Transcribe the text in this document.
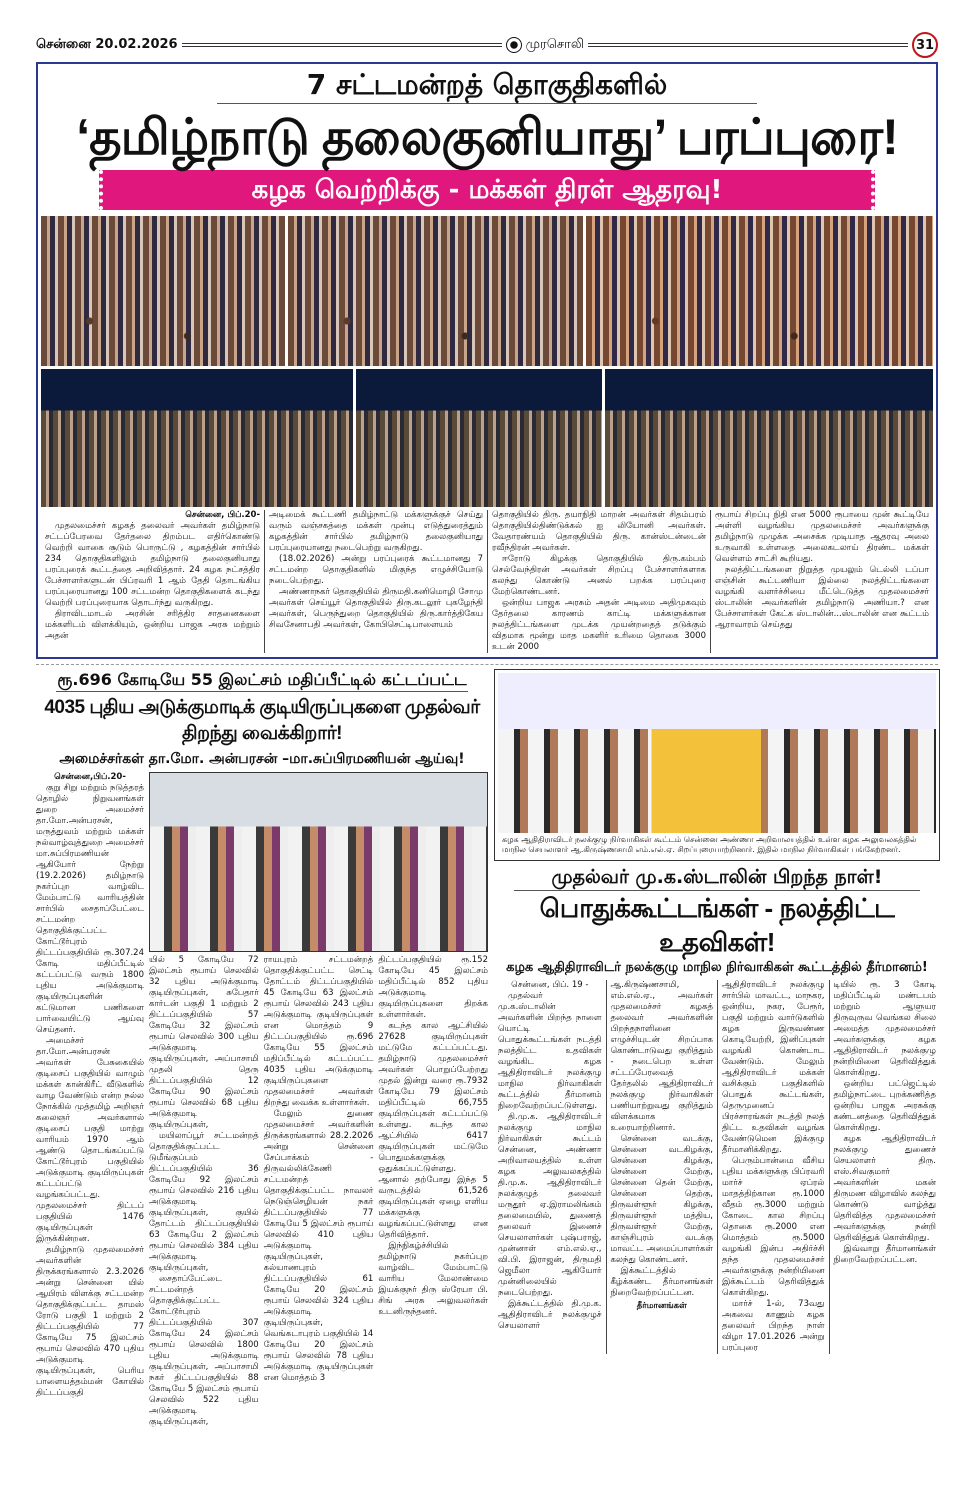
சென்னை 20.02.2026	முரசொலி	31
7 சட்டமன்றத் தொகுதிகளில்
‘தமிழ்நாடு தலைகுனியாது’ பரப்புரை!
கழக வெற்றிக்கு - மக்கள் திரள் ஆதரவு!
சென்னை, பிப்.20-

முதலமைச்சர் கழகத் தலைவர் அவர்கள் தமிழ்நாடு சட்டப்பேரவை தேர்தலை திறம்பட எதிர்கொண்டு வெற்றி வாகை சூடும் பொருட்டு , கழகத்தின் சார்பில் 234 தொகுதிகளிலும் தமிழ்நாடு தலைகுனியாது பரப்புரைக் கூட்டத்தை அறிவித்தார். 24 கழக நட்சத்திர பேச்சாளர்களுடன் பிப்ரவரி 1 ஆம் தேதி தொடங்கிய பரப்புரையானது 100 சட்டமன்ற தொகுதிகளைக் கடந்து வெற்றி பரப்புரையாக தொடர்ந்து வருகிறது.

திராவிடமாடல் அரசின் சரித்திர சாதனைகளை மக்களிடம் விளக்கியும், ஒன்றிய பாஜக அரசு மற்றும் அதன்

அடிமைக் கூட்டணி தமிழ்நாட்டு மக்களுக்குச் செய்து வரும் வஞ்சகத்தை மக்கள் முன்பு எடுத்துரைத்தும் கழகத்தின் சார்பில் தமிழ்நாடு தலைகுனியாது பரப்புரையானது நடைபெற்று வருகிறது.

(18.02.2026) அன்று பரப்புரைக் கூட்டமானது 7 சட்டமன்ற தொகுதிகளில் மிகுந்த எழுச்சியோடு நடைபெற்றது.

அண்ணாநகர் தொகுதியில் திருமதி.கனிமொழி சோமு அவர்கள் செய்யூர் தொகுதியில் திரு.கடலூர் புகழேந்தி அவர்கள், பெருந்துறை தொகுதியில் திரு.கார்த்திகேய சிவசேனாபதி அவர்கள், கோபிசெட்டிபாளையம்

தொகுதியில் திரு. தயாநிதி மாறன் அவர்கள் சிதம்பரம் தொகுதியில்திண்டுக்கல் ஐ லியோனி அவர்கள். வேதாரண்யம் தொகுதியில் திரு. கான்ஸ்டன்டைன் ரவீந்திரன் அவர்கள்.

ஈரோடு கிழக்கு தொகுதியில் திரு.கம்பம் செல்வேந்திரன் அவர்கள் சிறப்பு பேச்சாளர்களாக கலந்து கொண்டு அனல் பறக்க பரப்புரை மேற்கொண்டனர்.

ஒன்றிய பாஜக அரசும் அதன் அடிமை அதிமுகவும் தேர்தலை காரணம் காட்டி மக்களுக்கான நலத்திட்டங்களை முடக்க முயன்றதைத் தடுக்கும் விதமாக மூன்று மாத மகளிர் உரிமை தொகை 3000 உடன் 2000

ரூபாய் சிறப்பு நிதி என 5000 ரூபாயை முன் கூட்டியே அள்ளி வழங்கிய முதலமைச்சர் அவர்களுக்கு தமிழ்நாடு முழுக்க அசைக்க முடியாத ஆதரவு அலை உருவாகி உள்ளதை அலைகடலாய் திரண்ட மக்கள் வெள்ளம் சாட்சி கூறியது.

நலத்திட்டங்களை நிறுத்த முயலும் டெல்லி டப்பா எஞ்சின் கூட்டணியா இல்லை நலத்திட்டங்களை வழங்கி வளர்ச்சியை மீட்டெடுத்த முதலமைச்சர் ஸ்டாலின் அவர்களின் தமிழ்நாடு அணியா.? என பேச்சாளர்கள் கேட்க ஸ்டாலின்...ஸ்டாலின் என கூட்டம் ஆராவாரம் செய்தது

ரூ.696 கோடியே 55 இலட்சம் மதிப்பீட்டில் கட்டப்பட்ட
4035 புதிய அடுக்குமாடிக் குடியிருப்புகளை முதல்வர் திறந்து வைக்கிறார்!
அமைச்சர்கள் தா.மோ. அன்பரசன் –மா.சுப்பிரமணியன் ஆய்வு!
சென்னை,பிப்.20-

குறு சிறு மற்றும் நடுத்தரத் தொழில் நிறுவனங்கள் துறை அமைச்சர் தா.மோ.அன்பரசன், மருத்துவம் மற்றும் மக்கள் நல்வாழ்வுத்துறை அமைச்சர் மா.சுப்பிரமணியன் ஆகியோர் நேற்று (19.2.2026) தமிழ்நாடு நகர்ப்புற வாழ்விட மேம்பாட்டு வாரியத்தின் சார்பில் சைதாப்பேட்டை சட்டமன்ற தொகுதிக்குட்பட்ட கோட்டூர்புரம் திட்டப்பகுதியில் ரூ.307.24 கோடி மதிப்பீட்டில் கட்டப்பட்டு வரும் 1800 புதிய அடுக்குமாடி குடியிருப்புகளின் கட்டுமான பணிகளை பார்வையிட்டு ஆய்வு செய்தனர்.

அமைச்சர் தா.மோ.அன்பரசன் அவர்கள் பேசுகையில் குடிசைப் பகுதியில் வாழும் மக்கள் கான்கிரீட் வீடுகளில் வாழ வேண்டும் என்ற நல்ல நோக்கில் முத்தமிழ் அறிஞர் கலைஞர் அவர்களால் குடிசைப் பகுதி மாற்று வாரியம் 1970 ஆம் ஆண்டு தொடங்கப்பட்டு கோட்டூர்புரம் பகுதியில் அடுக்குமாடி குடியிருப்புகள் கட்டப்பட்டு வழங்கப்பட்டது. முதலமைச்சர் திட்டப் பகுதியில் 1476 குடியிருப்புகள் இருக்கின்றன.

தமிழ்நாடு முதலமைச்சர் அவர்களின் திருக்கரங்களால் 2.3.2026 அன்று சென்னை யில் ஆயிரம் விளக்கு சட்டமன்ற தொகுதிக்குட்பட்ட தாமஸ் ரோடு பகுதி 1 மற்றும் 2 திட்டப்பகுதியில் 77 கோடியே 75 இலட்சம் ரூபாய் செலவில் 470 புதிய அடுக்குமாடி குடியிருப்புகள், பெரிய பாளையத்தம்மன் கோயில் திட்டப்பகுதி

யில் 5 கோடியே 72 இலட்சம் ரூபாய் செலவில் 32 புதிய அடுக்குமாடி குடியிருப்புகள், சுபேதார் கார்டன் பகுதி 1 மற்றும் 2 திட்டப்பகுதியில் 57 கோடியே 32 இலட்சம் ரூபாய் செலவில் 300 புதிய அடுக்குமாடி குடியிருப்புகள், அப்பாசாமி முதலி தெரு திட்டப்பகுதியில் 12 கோடியே 90 இலட்சம் ரூபாய் செலவில் 68 புதிய அடுக்குமாடி குடியிருப்புகள்,

மயிலாப்பூர் சட்டமன்றத் தொகுதிக்குட்பட்ட டுமீங்குப்பம் திட்டப்பகுதியில் 36 கோடியே 92 இலட்சம் ரூபாய் செலவில் 216 புதிய அடுக்குமாடி குடியிருப்புகள், குயில் தோட்டம் திட்டப்பகுதியில் 63 கோடியே 2 இலட்சம் ரூபாய் செலவில் 384 புதிய அடுக்குமாடி குடியிருப்புகள்,

சைதாப்பேட்டை சட்டமன்றத் தொகுதிக்குட்பட்ட கோட்டூர்புரம் திட்டப்பகுதியில் 307 கோடியே 24 இலட்சம் ரூபாய் செலவில் 1800 புதிய அடுக்குமாடி குடியிருப்புகள், அப்பாசாமி நகர் திட்டப்பகுதியில் 88 கோடியே 5 இலட்சம் ரூபாய் செலவில் 522 புதிய அடுக்குமாடி குடியிருப்புகள்,

ராயபுரம் சட்டமன்றத் தொகுதிக்குட்பட்ட செட்டி தோட்டம் திட்டப்பகுதியில் 45 கோடியே 63 இலட்சம் ரூபாய் செலவில் 243 புதிய அடுக்குமாடி குடியிருப்புகள் என மொத்தம் 9 திட்டப்பகுதியில் ரூ.696 கோடியே 55 இலட்சம் மதிப்பீட்டில் கட்டப்பட்ட 4035 புதிய அடுக்குமாடி குடியிருப்புகளை முதலமைச்சர் அவர்கள் திறந்து வைக்க உள்ளார்கள்.

மேலும் துணை முதலமைச்சர் அவர்களின் திருக்கரங்களால் 28.2.2026 அன்று சென்னை சேப்பாக்கம் - திருவல்லிக்கேணி சட்டமன்றத் தொகுதிக்குட்பட்ட நாவலர் நெடுஞ்செழியன் நகர் திட்டப்பகுதியில் 77 கோடியே 5 இலட்சம் ரூபாய் செலவில் 410 புதிய அடுக்குமாடி குடியிருப்புகள், கல்யாணபுரம் திட்டப்பகுதியில் 61 கோடியே 20 இலட்சம் ரூபாய் செலவில் 324 புதிய அடுக்குமாடி குடியிருப்புகள், வெங்கடாபுரம் பகுதியில் 14 கோடியே 20 இலட்சம் ரூபாய் செலவில் 78 புதிய அடுக்குமாடி குடியிருப்புகள் என மொத்தம் 3

திட்டப்பகுதியில் ரூ.152 கோடியே 45 இலட்சம் மதிப்பீட்டில் 852 புதிய அடுக்குமாடி குடியிருப்புகளை திறக்க உள்ளார்கள்.

கடந்த கால ஆட்சியில் 27628 குடியிருப்புகள் மட்டுமே கட்டப்பட்டது. தமிழ்நாடு முதலமைச்சர் அவர்கள் பொறுப்பேற்றது முதல் இன்று வரை ரூ.7932 கோடியே 79 இலட்சம் மதிப்பீட்டில் 66,755 குடியிருப்புகள் கட்டப்பட்டு உள்ளது. கடந்த கால ஆட்சியில் 6417 குடியிருப்புகள் மட்டுமே பொதுமக்களுக்கு ஒதுக்கப்பட்டுள்ளது. ஆனால் தற்போது இந்த 5 வருடத்தில் 61,526 குடியிருப்புகள் ஏழை எளிய மக்களுக்கு வழங்கப்பட்டுள்ளது என தெரிவித்தார்.

இந்நிகழ்ச்சியில் தமிழ்நாடு நகர்ப்புற வாழ்விட மேம்பாட்டு வாரிய மேலாண்மை இயக்குநர் திரு ஸ்ரேயா பி. சிங் அரசு அலுவலர்கள் உடனிருந்தனர்.

கழக ஆதிதிராவிடர் நலக்குழு நிர்வாகிகள் கூட்டம் சென்னை அண்ணா அறிவாலயத்தில் உள்ள கழக அலுவலகத்தில் மாநில செயலாளர் ஆ.கிருஷ்ணசாமி எம்.எல்.ஏ. சிறப்புரையாற்றினார். இதில் மாநில நிர்வாகிகள் பங்கேற்றனர்.
முதல்வர் மு.க.ஸ்டாலின் பிறந்த நாள்!
பொதுக்கூட்டங்கள் - நலத்திட்ட உதவிகள்!
கழக ஆதிதிராவிடர் நலக்குழு மாநில நிர்வாகிகள் கூட்டத்தில் தீர்மானம்!
சென்னை, பிப். 19 -

முதல்வர் மு.க.ஸ்டாலின் அவர்களின் பிறந்த நாளை யொட்டி பொதுக்கூட்டங்கள் நடத்தி நலத்திட்ட உதவிகள் வழங்கிட கழக ஆதிதிராவிடர் நலக்குழு மாநில நிர்வாகிகள் கூட்டத்தில் தீர்மானம் நிறைவேற்றப்பட்டுள்ளது.

தி.மு.க. ஆதிதிராவிடர் நலக்குழு மாநில நிர்வாகிகள் கூட்டம் சென்னை, அண்ணா அறிவாலயத்தில் உள்ள கழக அலுவலகத்தில் தி.மு.க. ஆதிதிராவிடர் நலக்குழுத் தலைவர் மருதூர் ஏ.இராமலிங்கம் தலைமையில், துணைத் தலைவர் இணைச் செயலாளர்கள் புஷ்பராஜ், முன்னாள் எம்.எல்.ஏ., வி.பி. இராஜன், திருமதி ஜெமீலா ஆகியோர் முன்னிலையில் நடைபெற்றது.

இக்கூட்டத்தில் தி.மு.க. ஆதிதிராவிடர் நலக்குழுச் செயலாளர்

ஆ.கிருஷ்ணசாமி, எம்.எல்.ஏ., அவர்கள் முதலமைச்சர் கழகத் தலைவர் அவர்களின் பிறந்தநாளினை எழுச்சியுடன் சிறப்பாக கொண்டாடுவது குறித்தும் - நடைபெற உள்ள சட்டப்பேரவைத் தேர்தலில் ஆதிதிராவிடர் நலக்குழு நிர்வாகிகள் பணியாற்றுவது குறித்தும் விளக்கமாக உரையாற்றினார்.

சென்னை வடக்கு, சென்னை வடகிழக்கு, சென்னை கிழக்கு, சென்னை மேற்கு, சென்னை தென் மேற்கு, சென்னை தெற்கு, திருவள்ளூர் கிழக்கு, திருவள்ளூர் மத்திய, திருவள்ளூர் மேற்கு, காஞ்சிபுரம் வடக்கு மாவட்ட அமைப்பாளர்கள் கலந்து கொண்டனர்.

இக்கூட்டத்தில் கீழ்க்கண்ட தீர்மானங்கள் நிறைவேற்றப்பட்டன.

தீர்மானங்கள்

ஆதிதிராவிடர் நலக்குழு சார்பில் மாவட்ட, மாநகர, ஒன்றிய, நகர, பேரூர், பகுதி மற்றும் வார்டுகளில் கழக இருவண்ண கொடியேற்றி, இனிப்புகள் வழங்கி கொண்டாட வேண்டும். மேலும் ஆதிதிராவிடர் மக்கள் வசிக்கும் பகுதிகளில் பொதுக் கூட்டங்கள், தெருமுனைப் பிரச்சாரங்கள் நடத்தி நலத் திட்ட உதவிகள் வழங்க வேண்டுமென இக்குழு தீர்மானிக்கிறது.

பெரும்பான்மை வீசிய புதிய மக்களுக்கு பிப்ரவரி மார்ச் ஏப்ரல் மாதத்திற்கான ரூ.1000 வீதம் ரூ.3000 மற்றும் கோடை கால சிறப்பு தொகை ரூ.2000 என மொத்தம் ரூ.5000 வழங்கி இன்ப அதிர்ச்சி தந்த முதலமைச்சர் அவர்களுக்கு நன்றியினை இக்கூட்டம் தெரிவித்துக் கொள்கிறது.

மார்ச் 1-ல், 73வது அகவை காணும் கழக தலைவர் பிறந்த நாள் விழா 17.01.2026 அன்று பரப்புரை

டியில் ரூ. 3 கோடி மதிப்பீட்டில் மண்டபம் மற்றும் ஆளுயர திருவுருவ வெங்கல சிலை அமைத்த முதலமைச்சர் அவர்களுக்கு கழக ஆதிதிராவிடர் நலக்குழு நன்றியினை தெரிவித்துக் கொள்கிறது.

ஒன்றிய பட்ஜெட்டில் தமிழ்நாட்டை புறக்கணித்த ஒன்றிய பாஜக அரசுக்கு கண்டனத்தை தெரிவித்துக் கொள்கிறது.

கழக ஆதிதிராவிடர் நலக்குழு துணைச் செயலாளர் திரு. எஸ்.சிவகுமார் அவர்களின் மகன் திருமண விழாவில் கலந்து கொண்டு வாழ்த்து தெரிவித்த முதலமைச்சர் அவர்களுக்கு நன்றி தெரிவித்துக் கொள்கிறது.

இவ்வாறு தீர்மானங்கள் நிறைவேற்றப்பட்டன.
